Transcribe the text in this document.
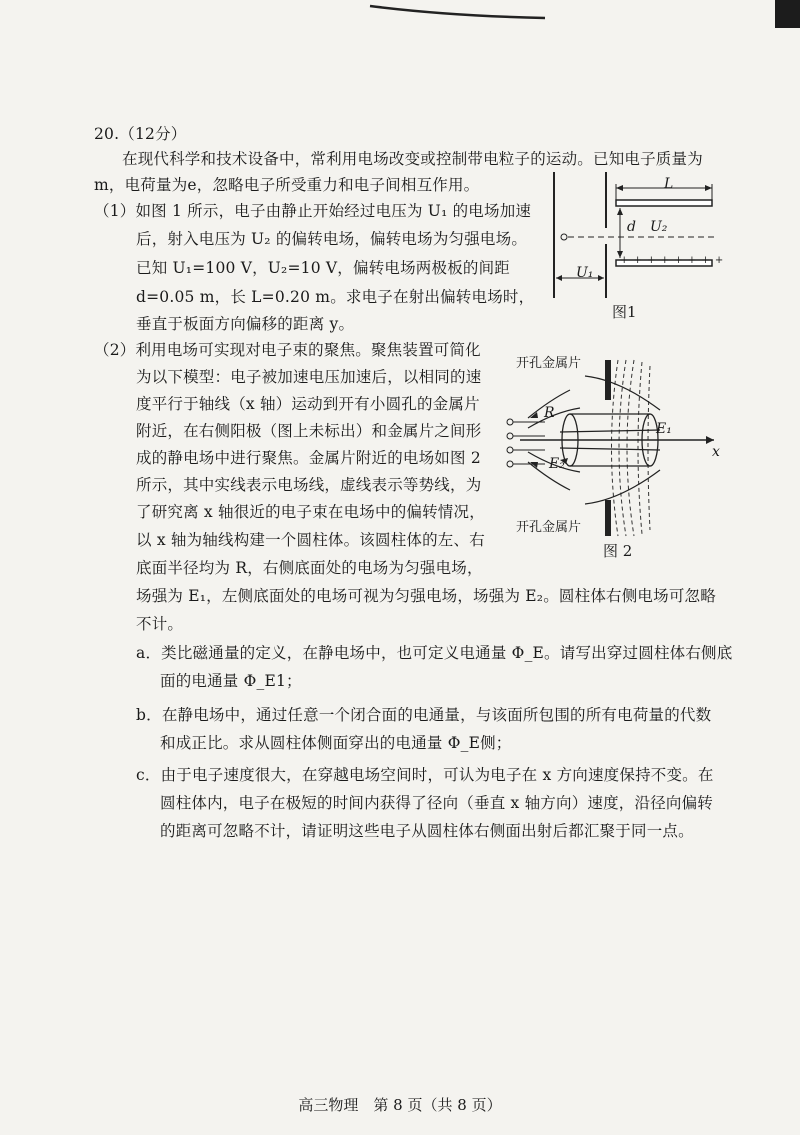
20.（12分）
在现代科学和技术设备中，常利用电场改变或控制带电粒子的运动。已知电子质量为
m，电荷量为e，忽略电子所受重力和电子间相互作用。
（1）如图 1 所示，电子由静止开始经过电压为 U₁ 的电场加速
后，射入电压为 U₂ 的偏转电场，偏转电场为匀强电场。
已知 U₁=100 V，U₂=10 V，偏转电场两极板的间距
d=0.05 m，长 L=0.20 m。求电子在射出偏转电场时，
垂直于板面方向偏移的距离 y。
+ + + + + + + +
L
d U₂
U₁
图1
（2）利用电场可实现对电子束的聚焦。聚焦装置可简化
为以下模型：电子被加速电压加速后，以相同的速
度平行于轴线（x 轴）运动到开有小圆孔的金属片
附近，在右侧阳极（图上未标出）和金属片之间形
成的静电场中进行聚焦。金属片附近的电场如图 2
所示，其中实线表示电场线，虚线表示等势线，为
了研究离 x 轴很近的电子束在电场中的偏转情况，
以 x 轴为轴线构建一个圆柱体。该圆柱体的左、右
底面半径均为 R，右侧底面处的电场为匀强电场，
场强为 E₁，左侧底面处的电场可视为匀强电场，场强为 E₂。圆柱体右侧电场可忽略
不计。
开孔金属片
开孔金属片
R
E₁
E₂
x
图 2
a．类比磁通量的定义，在静电场中，也可定义电通量 Φ_E。请写出穿过圆柱体右侧底
面的电通量 Φ_E1；
b．在静电场中，通过任意一个闭合面的电通量，与该面所包围的所有电荷量的代数
和成正比。求从圆柱体侧面穿出的电通量 Φ_E侧；
c．由于电子速度很大，在穿越电场空间时，可认为电子在 x 方向速度保持不变。在
圆柱体内，电子在极短的时间内获得了径向（垂直 x 轴方向）速度，沿径向偏转
的距离可忽略不计，请证明这些电子从圆柱体右侧面出射后都汇聚于同一点。
高三物理　第 8 页（共 8 页）
